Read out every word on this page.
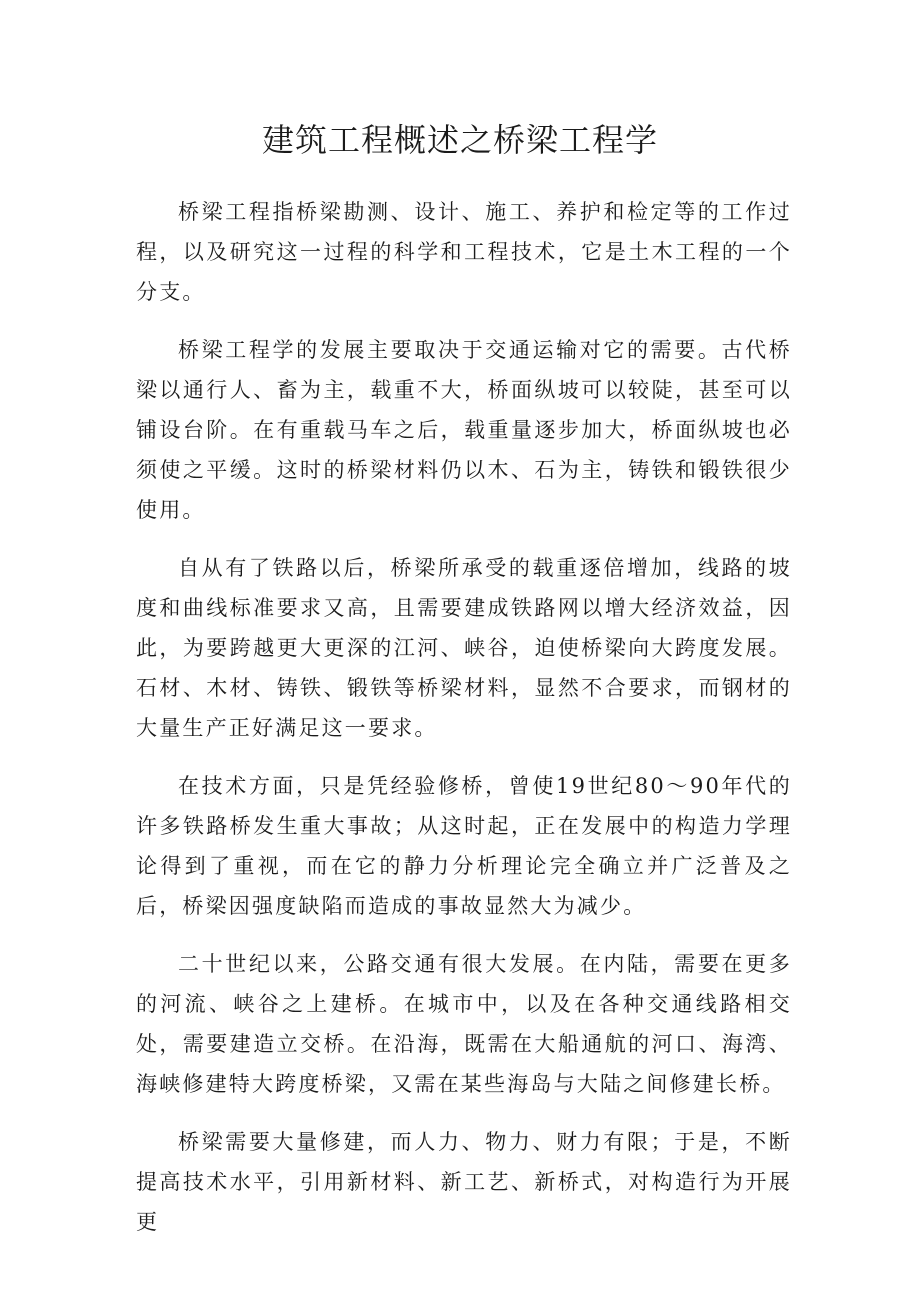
建筑工程概述之桥梁工程学

桥梁工程指桥梁勘测、设计、施工、养护和检定等的工作过程，以及研究这一过程的科学和工程技术，它是土木工程的一个分支。

桥梁工程学的发展主要取决于交通运输对它的需要。古代桥梁以通行人、畜为主，载重不大，桥面纵坡可以较陡，甚至可以铺设台阶。在有重载马车之后，载重量逐步加大，桥面纵坡也必须使之平缓。这时的桥梁材料仍以木、石为主，铸铁和锻铁很少使用。

自从有了铁路以后，桥梁所承受的载重逐倍增加，线路的坡度和曲线标准要求又高，且需要建成铁路网以增大经济效益，因此，为要跨越更大更深的江河、峡谷，迫使桥梁向大跨度发展。石材、木材、铸铁、锻铁等桥梁材料，显然不合要求，而钢材的大量生产正好满足这一要求。

在技术方面，只是凭经验修桥，曾使19世纪80～90年代的许多铁路桥发生重大事故；从这时起，正在发展中的构造力学理论得到了重视，而在它的静力分析理论完全确立并广泛普及之后，桥梁因强度缺陷而造成的事故显然大为减少。

二十世纪以来，公路交通有很大发展。在内陆，需要在更多的河流、峡谷之上建桥。在城市中，以及在各种交通线路相交处，需要建造立交桥。在沿海，既需在大船通航的河口、海湾、海峡修建特大跨度桥梁，又需在某些海岛与大陆之间修建长桥。

桥梁需要大量修建，而人力、物力、财力有限；于是，不断提高技术水平，引用新材料、新工艺、新桥式，对构造行为开展更
